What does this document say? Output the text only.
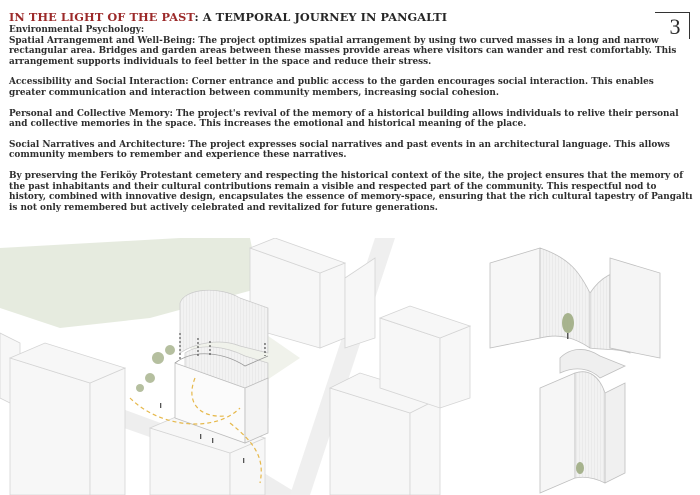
IN THE LIGHT OF THE PAST: A TEMPORAL JOURNEY IN PANGALTI	3

Environmental Psychology:
Spatial Arrangement and Well-Being: The project optimizes spatial arrangement by using two curved masses in a long and narrow rectangular area. Bridges and garden areas between these masses provide areas where visitors can wander and rest comfortably. This arrangement supports individuals to feel better in the space and reduce their stress.

Accessibility and Social Interaction: Corner entrance and public access to the garden encourages social interaction. This enables greater communication and interaction between community members, increasing social cohesion.

Personal and Collective Memory: The project's revival of the memory of a historical building allows individuals to relive their personal and collective memories in the space. This increases the emotional and historical meaning of the place.

Social Narratives and Architecture: The project expresses social narratives and past events in an architectural language. This allows community members to remember and experience these narratives.

By preserving the Feriköy Protestant cemetery and respecting the historical context of the site, the project ensures that the memory of the past inhabitants and their cultural contributions remain a visible and respected part of the community. This respectful nod to history, combined with innovative design, encapsulates the essence of memory-space, ensuring that the rich cultural tapestry of Pangaltı is not only remembered but actively celebrated and revitalized for future generations.
